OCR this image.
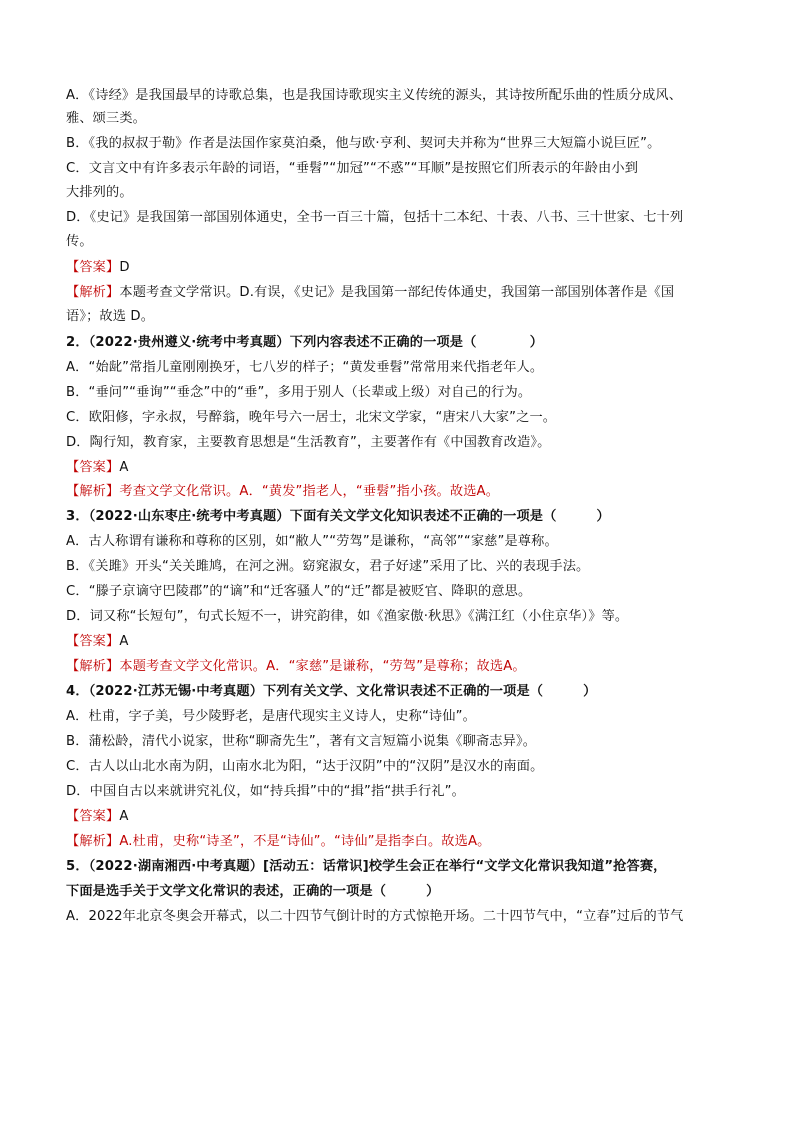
A．《诗经》是我国最早的诗歌总集，也是我国诗歌现实主义传统的源头，其诗按所配乐曲的性质分成风、
雅、颂三类。
B．《我的叔叔于勒》作者是法国作家莫泊桑，他与欧·亨利、契诃夫并称为“世界三大短篇小说巨匠”。
C．文言文中有许多表示年龄的词语，“垂髫”“加冠”“不惑”“耳顺”是按照它们所表示的年龄由小到
大排列的。
D．《史记》是我国第一部国别体通史，全书一百三十篇，包括十二本纪、十表、八书、三十世家、七十列
传。
【答案】D
【解析】本题考查文学常识。D.有误，《史记》是我国第一部纪传体通史，我国第一部国别体著作是《国
语》；故选 D。
2．（2022·贵州遵义·统考中考真题）下列内容表述不正确的一项是（　　　　）
A．“始龀”常指儿童刚刚换牙，七八岁的样子；“黄发垂髫”常常用来代指老年人。
B．“垂问”“垂询”“垂念”中的“垂”，多用于别人（长辈或上级）对自己的行为。
C．欧阳修，字永叔，号醉翁，晚年号六一居士，北宋文学家，“唐宋八大家”之一。
D．陶行知，教育家，主要教育思想是“生活教育”，主要著作有《中国教育改造》。
【答案】A
【解析】考查文学文化常识。A．“黄发”指老人，“垂髫”指小孩。故选A。
3．（2022·山东枣庄·统考中考真题）下面有关文学文化知识表述不正确的一项是（　　　）
A．古人称谓有谦称和尊称的区别，如“敝人”“劳驾”是谦称，“高邻”“家慈”是尊称。
B．《关雎》开头“关关雎鸠，在河之洲。窈窕淑女，君子好逑”采用了比、兴的表现手法。
C．“滕子京谪守巴陵郡”的“谪”和“迁客骚人”的“迁”都是被贬官、降职的意思。
D．词又称“长短句”，句式长短不一，讲究韵律，如《渔家傲·秋思》《满江红（小住京华）》等。
【答案】A
【解析】本题考查文学文化常识。A．“家慈”是谦称，“劳驾”是尊称；故选A。
4．（2022·江苏无锡·中考真题）下列有关文学、文化常识表述不正确的一项是（　　　）
A．杜甫，字子美，号少陵野老，是唐代现实主义诗人，史称“诗仙”。
B．蒲松龄，清代小说家，世称“聊斋先生”，著有文言短篇小说集《聊斋志异》。
C．古人以山北水南为阴，山南水北为阳，“达于汉阴”中的“汉阴”是汉水的南面。
D．中国自古以来就讲究礼仪，如“持兵揖”中的“揖”指“拱手行礼”。
【答案】A
【解析】A.杜甫，史称“诗圣”，不是“诗仙”。“诗仙”是指李白。故选A。
5．（2022·湖南湘西·中考真题）[活动五：话常识]校学生会正在举行“文学文化常识我知道”抢答赛，
下面是选手关于文学文化常识的表述，正确的一项是（　　　）
A．2022年北京冬奥会开幕式，以二十四节气倒计时的方式惊艳开场。二十四节气中，“立春”过后的节气
